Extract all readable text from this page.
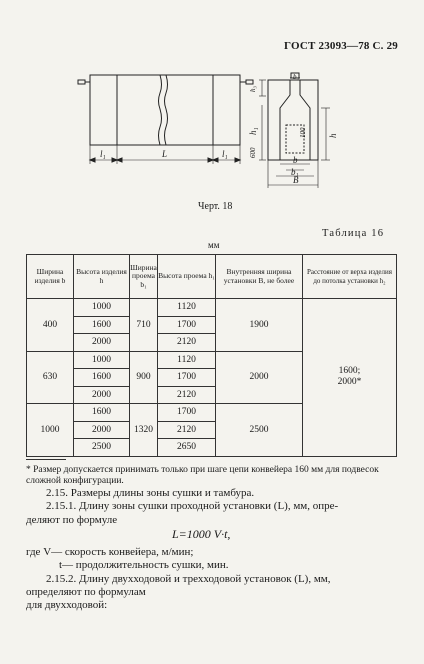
ГОСТ 23093—78 С. 29
l₁	L	l₁
b₂
h₃
h₁	100 h
600
b
b₁
B
Черт. 18
Таблица 16
мм
Ширина изделия b	Высота изделия h	Ширина проема b₁	Высота проема h₁	Внутренняя ширина установки B, не более	Расстояние от верха изделия до потолка установки h₂
400	1000	710	1120	1900	1600;
2000*
	1600		1700		
	2000		2120		
630	1000	900	1120	2000	
	1600		1700		
	2000		2120		
1000	1600	1320	1700	2500	
	2000		2120		
	2500		2650		
* Размер допускается принимать только при шаге цепи конвейера 160 мм для подвесок сложной конфигурации.
2.15. Размеры длины зоны сушки и тамбура.
2.15.1. Длину зоны сушки проходной установки (L), мм, опре-
деляют по формуле
L=1000 V·t,
где V— скорость конвейера, м/мин;
t— продолжительность сушки, мин.
2.15.2. Длину двухходовой и трехходовой установок (L), мм,
определяют по формулам
для двухходовой:
